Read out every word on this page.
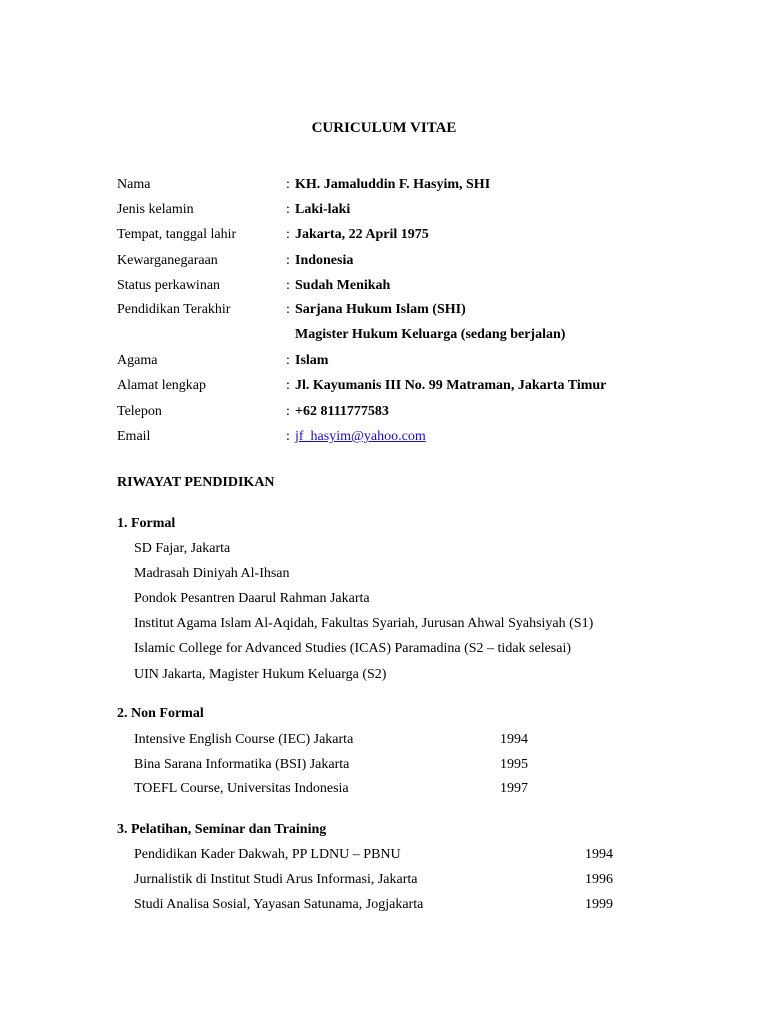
CURICULUM VITAE
Nama	: KH. Jamaluddin F. Hasyim, SHI
Jenis kelamin	: Laki-laki
Tempat, tanggal lahir	: Jakarta, 22 April 1975
Kewarganegaraan	: Indonesia
Status perkawinan	: Sudah Menikah
Pendidikan Terakhir	: Sarjana Hukum Islam (SHI)
Magister Hukum Keluarga (sedang berjalan)
Agama	: Islam
Alamat lengkap	: Jl. Kayumanis III No. 99 Matraman, Jakarta Timur
Telepon	: +62 8111777583
Email	: jf_hasyim@yahoo.com
RIWAYAT PENDIDIKAN
1. Formal
SD Fajar, Jakarta
Madrasah Diniyah Al-Ihsan
Pondok Pesantren Daarul Rahman Jakarta
Institut Agama Islam Al-Aqidah, Fakultas Syariah, Jurusan Ahwal Syahsiyah (S1)
Islamic College for Advanced Studies (ICAS) Paramadina (S2 – tidak selesai)
UIN Jakarta, Magister Hukum Keluarga (S2)
2. Non Formal
Intensive English Course (IEC) Jakarta	1994
Bina Sarana Informatika (BSI) Jakarta	1995
TOEFL Course, Universitas Indonesia	1997
3. Pelatihan, Seminar dan Training
Pendidikan Kader Dakwah, PP LDNU – PBNU	1994
Jurnalistik di Institut Studi Arus Informasi, Jakarta	1996
Studi Analisa Sosial, Yayasan Satunama, Jogjakarta	1999
